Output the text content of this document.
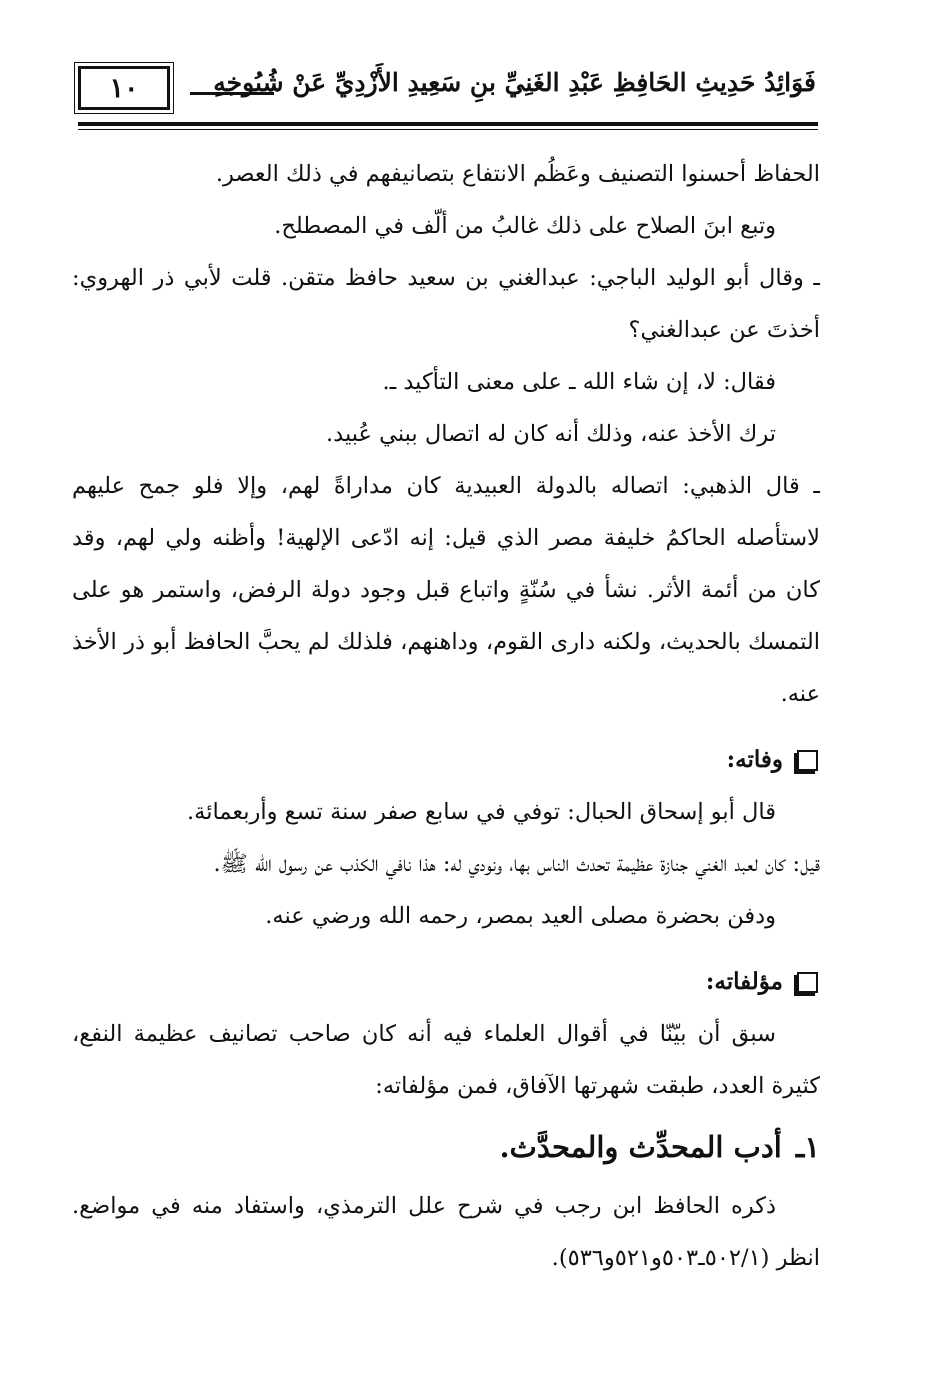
١٠	فَوَائِدُ حَدِيثِ الحَافِظِ عَبْدِ الغَنِيِّ بنِ سَعِيدِ الأَزْدِيِّ عَنْ شُيُوخِهِ

الحفاظ أحسنوا التصنيف وعَظُم الانتفاع بتصانيفهم في ذلك العصر.

وتبع ابنَ الصلاح على ذلك غالبُ من ألّف في المصطلح.

ـ وقال أبو الوليد الباجي: عبدالغني بن سعيد حافظ متقن. قلت لأبي ذر الهروي: أخذتَ عن عبدالغني؟

فقال: لا، إن شاء الله ـ على معنى التأكيد ـ.

ترك الأخذ عنه، وذلك أنه كان له اتصال ببني عُبيد.

ـ قال الذهبي: اتصاله بالدولة العبيدية كان مداراةً لهم، وإلا فلو جمح عليهم لاستأصله الحاكمُ خليفة مصر الذي قيل: إنه ادّعى الإلهية! وأظنه ولي لهم، وقد كان من أئمة الأثر. نشأ في سُنّةٍ واتباع قبل وجود دولة الرفض، واستمر هو على التمسك بالحديث، ولكنه دارى القوم، وداهنهم، فلذلك لم يحبَّ الحافظ أبو ذر الأخذ عنه.

وفاته:

قال أبو إسحاق الحبال: توفي في سابع صفر سنة تسع وأربعمائة.

قيل: كان لعبد الغني جنازة عظيمة تحدث الناس بها، ونودي له: هذا نافي الكذب عن رسول الله ﷺ.

ودفن بحضرة مصلى العيد بمصر، رحمه الله ورضي عنه.

مؤلفاته:

سبق أن بيّنّا في أقوال العلماء فيه أنه كان صاحب تصانيف عظيمة النفع، كثيرة العدد، طبقت شهرتها الآفاق، فمن مؤلفاته:

١ـ أدب المحدِّث والمحدَّث.

ذكره الحافظ ابن رجب في شرح علل الترمذي، واستفاد منه في مواضع. انظر (٥٠٢/١ـ٥٠٣و٥٢١و٥٣٦).
